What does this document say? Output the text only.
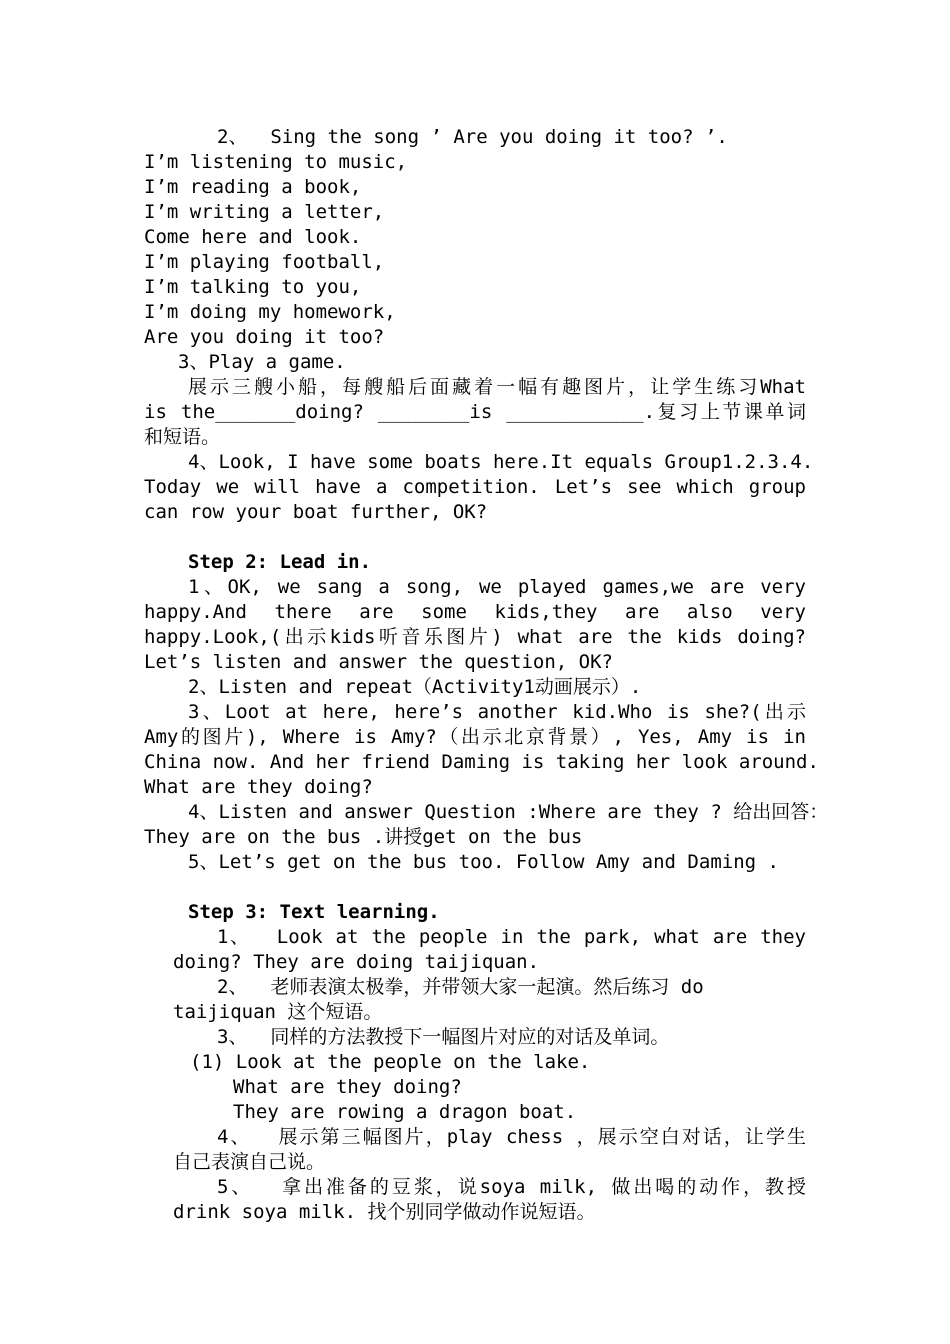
2、  Sing the song ’ Are you doing it too? ’.

I’m listening to music,

I’m reading a book,

I’m writing a letter,

Come here and look.

I’m playing football,

I’m talking to you,

I’m doing my homework,

Are you doing it too?

3、Play a game.

展示三艘小船，每艘船后面藏着一幅有趣图片，让学生练习What

is the_______doing? ________is ____________.复习上节课单词

和短语。

4、Look, I have some boats here.It equals Group1.2.3.4.

Today we will have a competition. Let’s see which group

can row your boat further, OK?

Step 2: Lead in.

1、OK, we sang a song, we played games,we are very

happy.And there are some kids,they are also very

happy.Look,(出示kids听音乐图片) what are the kids doing?

Let’s listen and answer the question, OK?

2、Listen and repeat（Activity1动画展示）.

3、Loot at here, here’s another kid.Who is she?(出示

Amy的图片), Where is Amy?（出示北京背景）, Yes, Amy is in

China now. And her friend Daming is taking her look around.

What are they doing?

4、Listen and answer Question :Where are they ? 给出回答：

They are on the bus .讲授get on the bus

5、Let’s get on the bus too. Follow Amy and Daming .

Step 3: Text learning.

1、  Look at the people in the park, what are they

doing? They are doing taijiquan.

2、  老师表演太极拳，并带领大家一起演。然后练习 do

taijiquan 这个短语。

3、  同样的方法教授下一幅图片对应的对话及单词。

(1) Look at the people on the lake.

What are they doing?

They are rowing a dragon boat.

4、  展示第三幅图片，play chess ，展示空白对话，让学生

自己表演自己说。

5、  拿出准备的豆浆，说soya milk, 做出喝的动作，教授

drink soya milk. 找个别同学做动作说短语。
